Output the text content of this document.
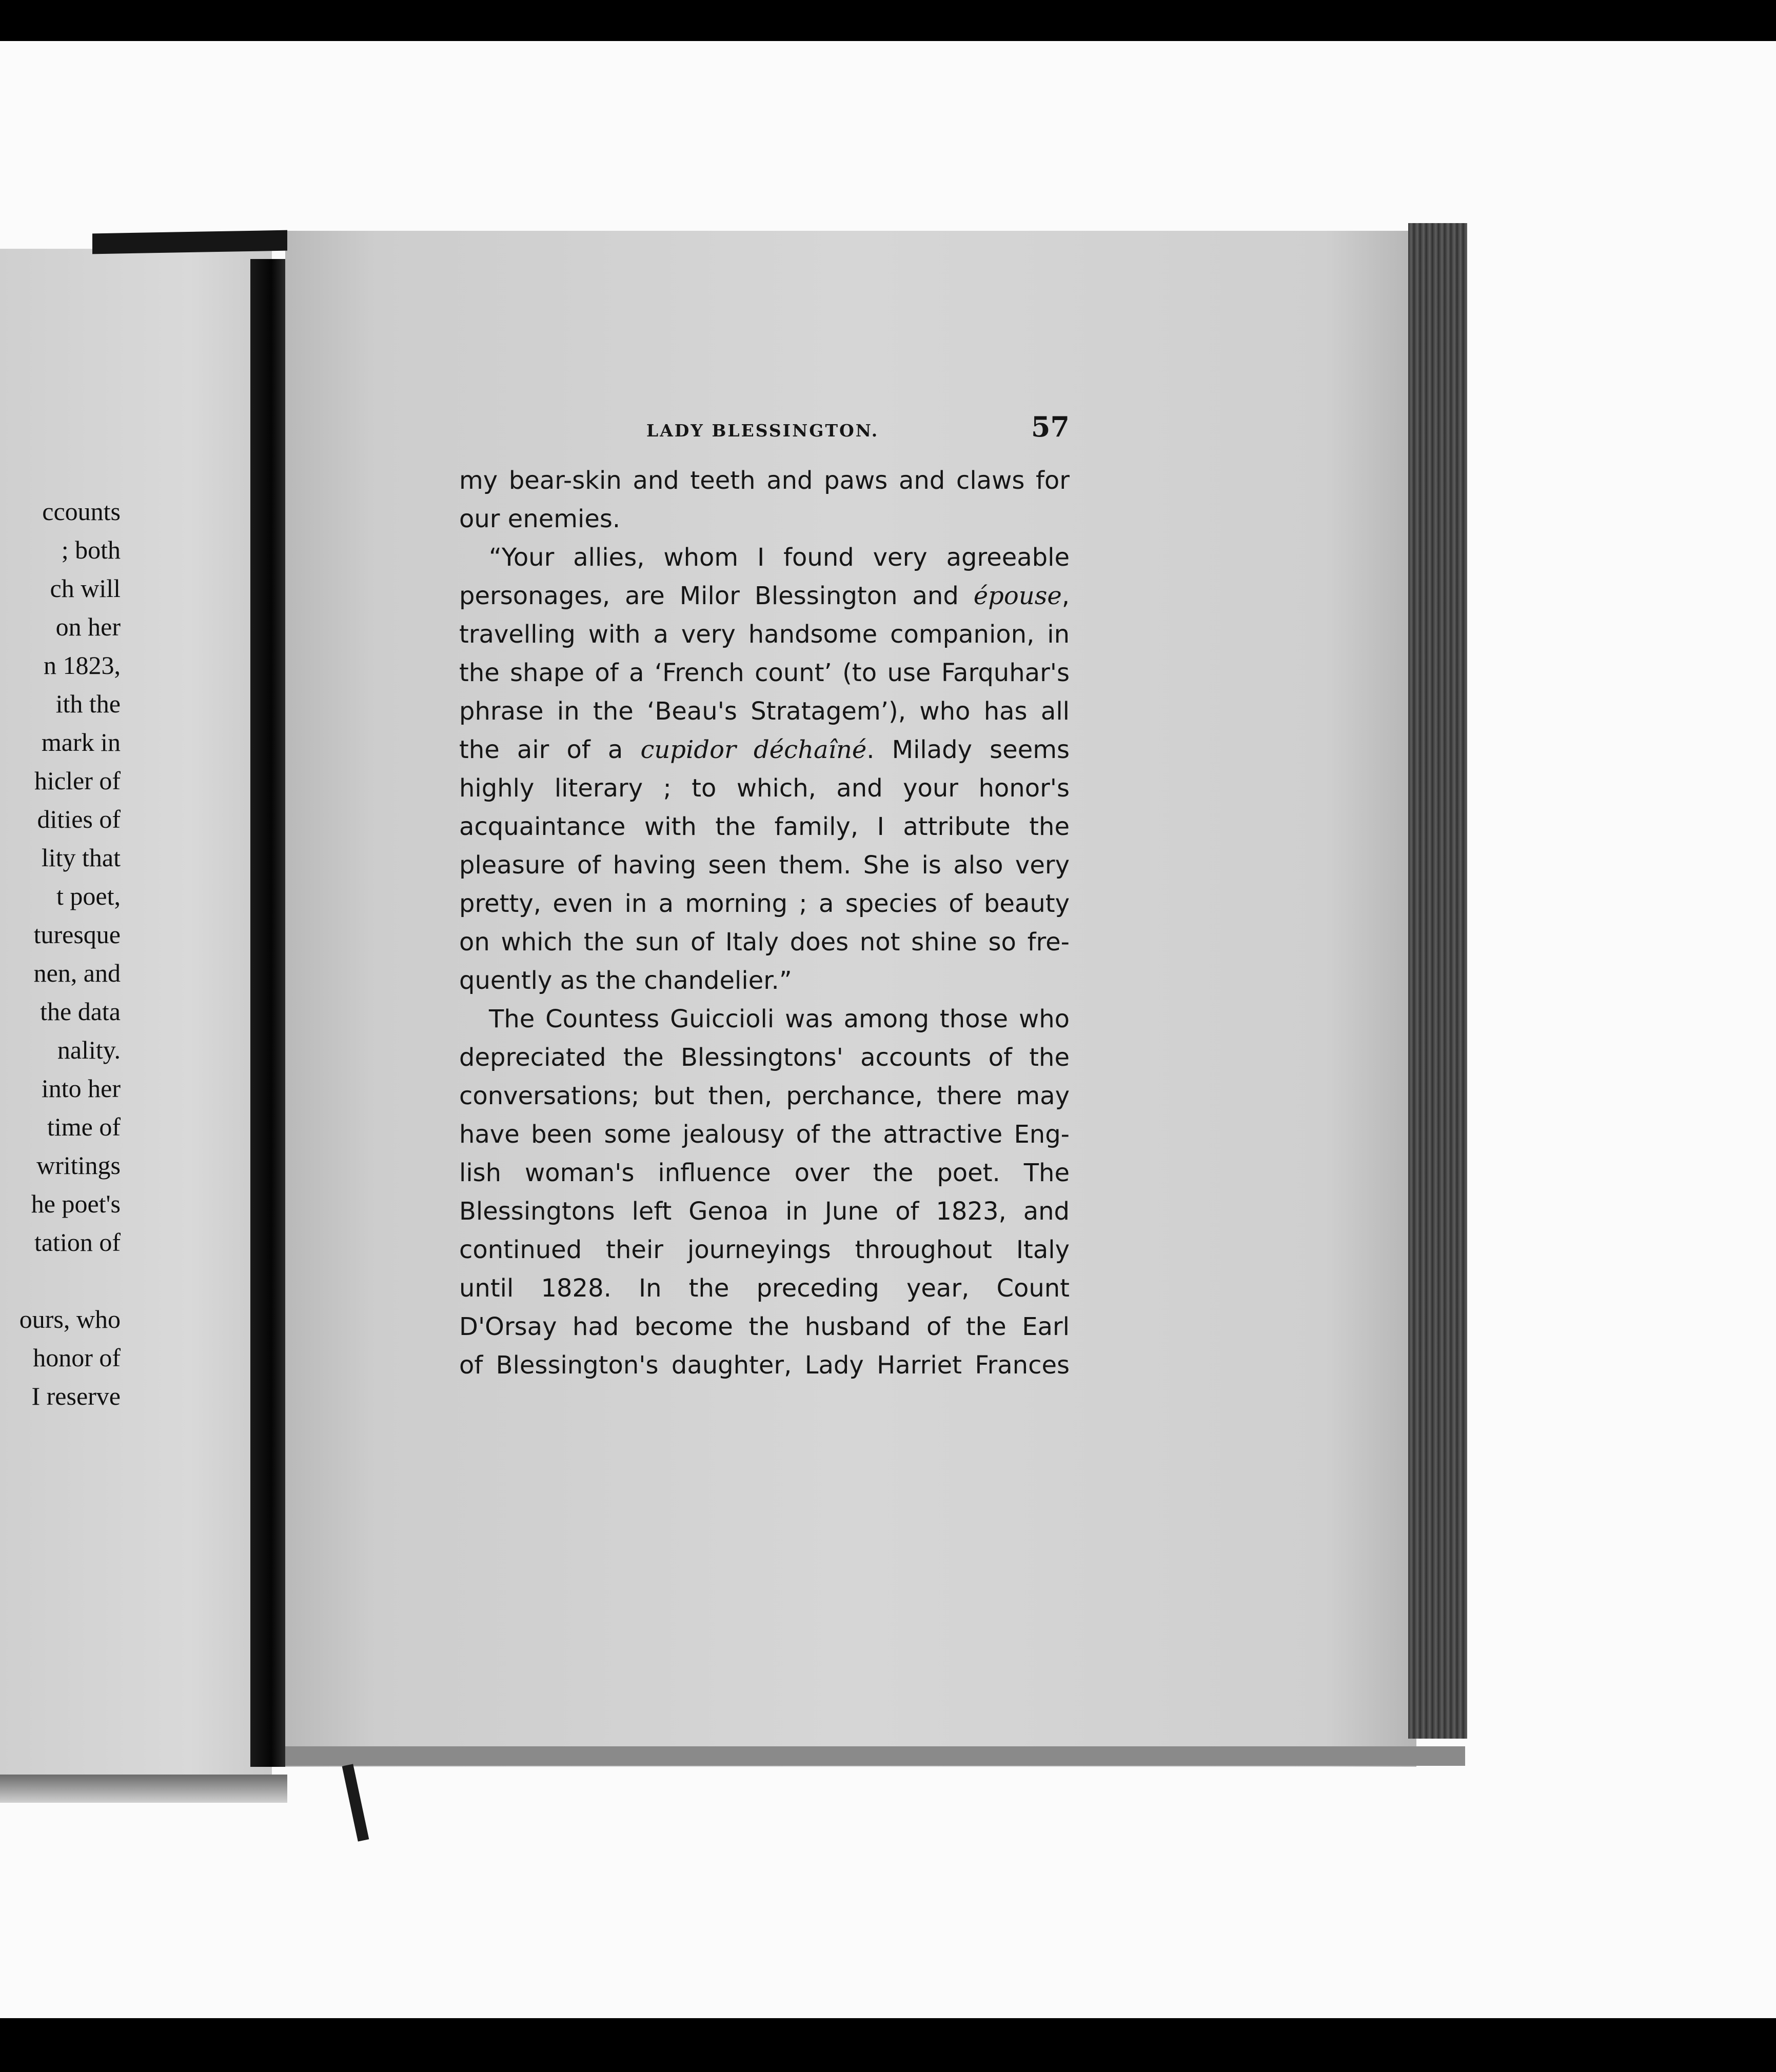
ccounts
; both
ch will
on her
n 1823,
ith the
mark in
hicler of
dities of
lity that
t poet,
turesque
nen, and
the data
nality.
into her
time of
writings
he poet's
tation of
ours, who
honor of
I reserve
LADY BLESSINGTON.	57
my bear-skin and teeth and paws and claws for
our enemies.
“Your allies, whom I found very agreeable
personages, are Milor Blessington and épouse,
travelling with a very handsome companion, in
the shape of a ‘French count’ (to use Farquhar's
phrase in the ‘Beau's Stratagem’), who has all
the air of a cupidor déchaîné. Milady seems
highly literary ; to which, and your honor's
acquaintance with the family, I attribute the
pleasure of having seen them. She is also very
pretty, even in a morning ; a species of beauty
on which the sun of Italy does not shine so fre-
quently as the chandelier.”
The Countess Guiccioli was among those who
depreciated the Blessingtons' accounts of the
conversations; but then, perchance, there may
have been some jealousy of the attractive Eng-
lish woman's influence over the poet. The
Blessingtons left Genoa in June of 1823, and
continued their journeyings throughout Italy
until 1828. In the preceding year, Count
D'Orsay had become the husband of the Earl
of Blessington's daughter, Lady Harriet Frances
